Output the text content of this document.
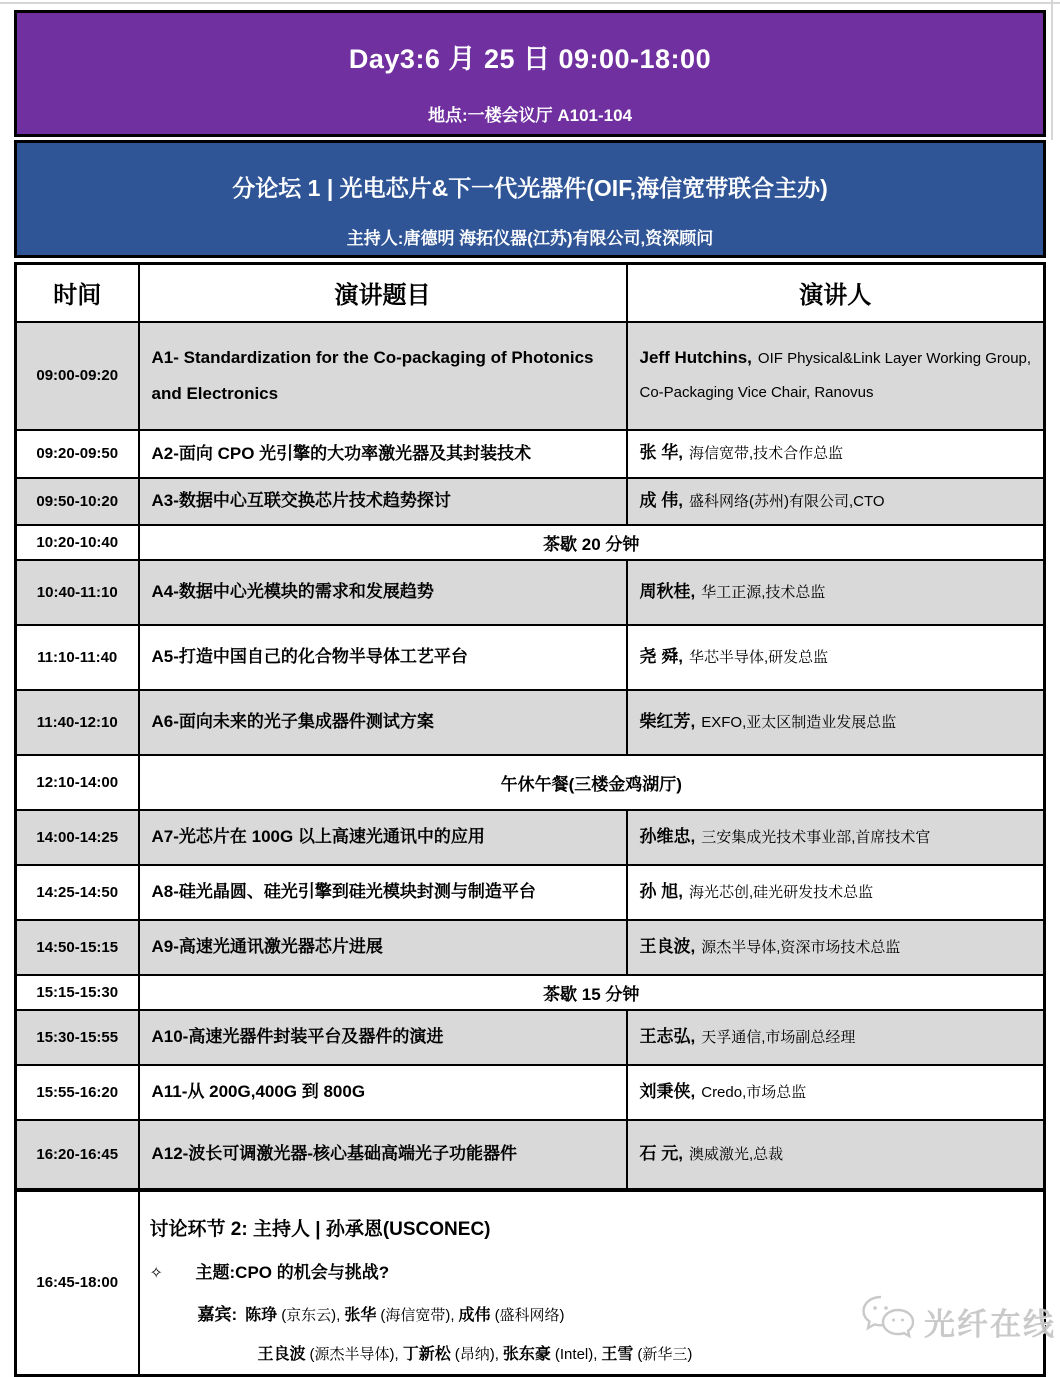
Day3:6 月 25 日 09:00-18:00
地点:一楼会议厅 A101-104
分论坛 1 | 光电芯片&下一代光器件(OIF,海信宽带联合主办)
主持人:唐德明 海拓仪器(江苏)有限公司,资深顾问
时间	演讲题目	演讲人
09:00-09:20	A1- Standardization for the Co-packaging of Photonics and Electronics	Jeff Hutchins, OIF Physical&Link Layer Working Group, Co-Packaging Vice Chair, Ranovus
09:20-09:50	A2-面向 CPO 光引擎的大功率激光器及其封装技术	张 华, 海信宽带,技术合作总监
09:50-10:20	A3-数据中心互联交换芯片技术趋势探讨	成 伟, 盛科网络(苏州)有限公司,CTO
10:20-10:40	茶歇 20 分钟	
10:40-11:10	A4-数据中心光模块的需求和发展趋势	周秋桂, 华工正源,技术总监
11:10-11:40	A5-打造中国自己的化合物半导体工艺平台	尧 舜, 华芯半导体,研发总监
11:40-12:10	A6-面向未来的光子集成器件测试方案	柴红芳, EXFO,亚太区制造业发展总监
12:10-14:00	午休午餐(三楼金鸡湖厅)	
14:00-14:25	A7-光芯片在 100G 以上高速光通讯中的应用	孙维忠, 三安集成光技术事业部,首席技术官
14:25-14:50	A8-硅光晶圆、硅光引擎到硅光模块封测与制造平台	孙 旭, 海光芯创,硅光研发技术总监
14:50-15:15	A9-高速光通讯激光器芯片进展	王良波, 源杰半导体,资深市场技术总监
15:15-15:30	茶歇 15 分钟	
15:30-15:55	A10-高速光器件封装平台及器件的演进	王志弘, 天孚通信,市场副总经理
15:55-16:20	A11-从 200G,400G 到 800G	刘秉侠, Credo,市场总监
16:20-16:45	A12-波长可调激光器-核心基础高端光子功能器件	石 元, 澳威激光,总裁
16:45-18:00	讨论环节 2: 主持人 | 孙承恩(USCONEC)
✧ 主题:CPO 的机会与挑战?
嘉宾: 陈琤 (京东云), 张华 (海信宽带), 成伟 (盛科网络)
王良波 (源杰半导体), 丁新松 (昂纳), 张东豪 (Intel), 王雪 (新华三)	
光纤在线
